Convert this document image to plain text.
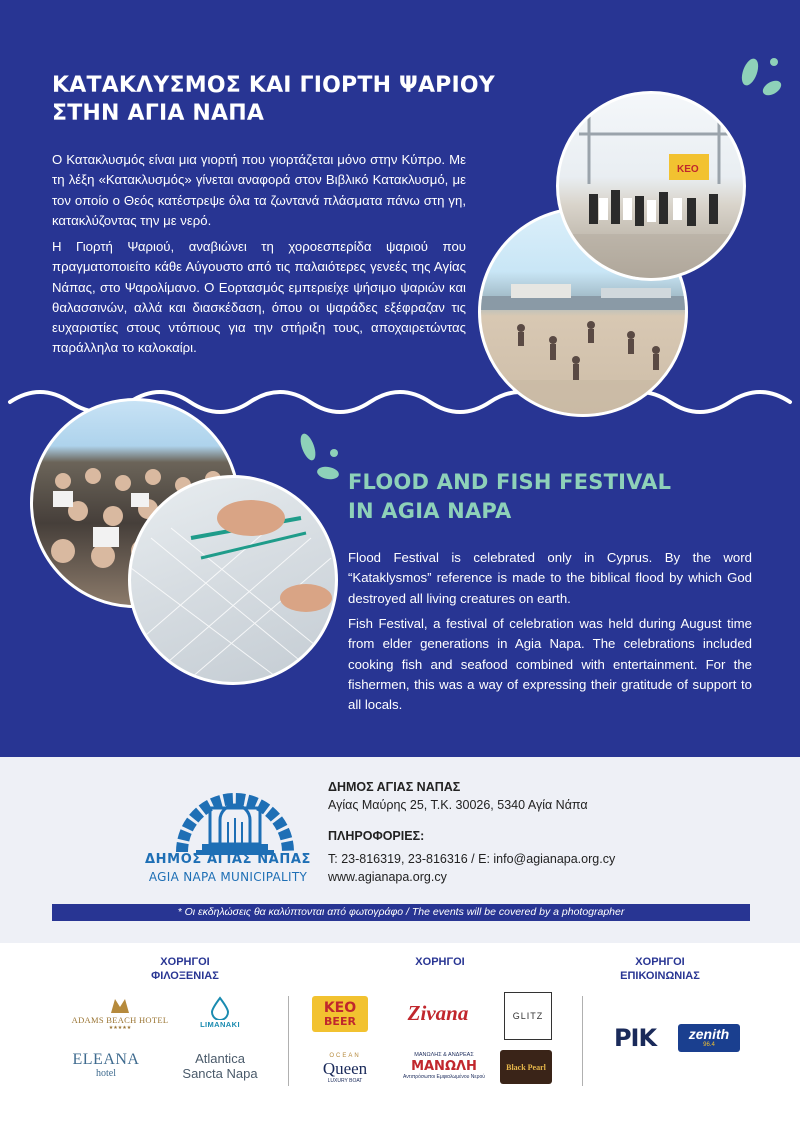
ΚΑΤΑΚΛΥΣΜΟΣ ΚΑΙ ΓΙΟΡΤΗ ΨΑΡΙΟΥ
ΣΤΗΝ ΑΓΙΑ ΝΑΠΑ

Ο Κατακλυσμός είναι μια γιορτή που γιορτάζεται μόνο στην Κύπρο. Με τη λέξη «Κατακλυσμός» γίνεται αναφορά στον Βιβλικό Κατακλυσμό, με τον οποίο ο Θεός κατέστρεψε όλα τα ζωντανά πλάσματα πάνω στη γη, κατακλύζοντας την με νερό.

Η Γιορτή Ψαριού, αναβιώνει τη χοροεσπερίδα ψαριού που πραγματοποιείτο κάθε Αύγουστο από τις παλαιότερες γενεές της Αγίας Νάπας, στο Ψαρολίμανο. Ο Εορτασμός εμπεριείχε ψήσιμο ψαριών και θαλασσινών, αλλά και διασκέδαση, όπου οι ψαράδες εξέφραζαν τις ευχαριστίες στους ντόπιους για την στήριξη τους, αποχαιρετώντας παράλληλα το καλοκαίρι.

KEO
FLOOD AND FISH FESTIVAL
IN AGIA NAPA

Flood Festival is celebrated only in Cyprus. By the word “Kataklysmos” reference is made to the biblical flood by which God destroyed all living creatures on earth.

Fish Festival, a festival of celebration was held during August time from elder generations in Agia Napa. The celebrations included cooking fish and seafood combined with entertainment. For the fishermen, this was a way of expressing their gratitude of support to all locals.

ΔΗΜΟΣ ΑΓΙΑΣ ΝΑΠΑΣ
AGIA NAPA MUNICIPALITY
ΔΗΜΟΣ ΑΓΙΑΣ ΝΑΠΑΣ
Αγίας Μαύρης 25, Τ.Κ. 30026, 5340 Αγία Νάπα
ΠΛΗΡΟΦΟΡΙΕΣ:
T: 23-816319, 23-816316 / E: info@agianapa.org.cy
www.agianapa.org.cy
* Οι εκδηλώσεις θα καλύπτονται από φωτογράφο / The events will be covered by a photographer
ΧΟΡΗΓΟΙ
ΦΙΛΟΞΕΝΙΑΣ
ΧΟΡΗΓΟΙ	ΧΟΡΗΓΟΙ
ΕΠΙΚΟΙΝΩΝΙΑΣ
ADAMS BEACH HOTEL
★★★★★	LIMANAKI
ELEANA
hotel
Atlantica
Sancta Napa
KEO
BEER Zivana	GLITZ
OCEAN
Queen
LUXURY BOAT
ΜΑΝΩΛΗΣ & ΑΝΔΡΕΑΣ
ΜΑΝΩΛΗ
Αντιπρόσωποι Εμφιαλωμένου Νερού
Black Pearl
ΡΙΚ zenith
96.4
